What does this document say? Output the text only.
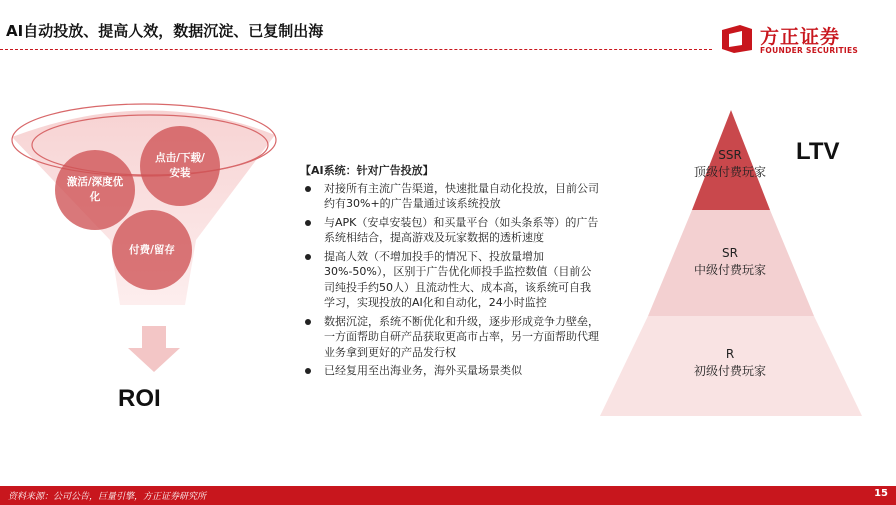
AI自动投放、提高人效，数据沉淀、已复制出海	方正证券
FOUNDER SECURITIES
激活/深度优化
点击/下载/安装
付费/留存
ROI
【AI系统：针对广告投放】
对接所有主流广告渠道，快速批量自动化投放，目前公司约有30%+的广告量通过该系统投放
与APK（安卓安装包）和买量平台（如头条系等）的广告系统相结合，提高游戏及玩家数据的透析速度
提高人效（不增加投手的情况下、投放量增加30%-50%），区别于广告优化师投手监控数值（目前公司纯投手约50人）且流动性大、成本高，该系统可自我学习，实现投放的AI化和自动化，24小时监控
数据沉淀，系统不断优化和升级，逐步形成竞争力壁垒，一方面帮助自研产品获取更高市占率，另一方面帮助代理业务拿到更好的产品发行权
已经复用至出海业务，海外买量场景类似
LTV
SSR
顶级付费玩家
SR
中级付费玩家
R
初级付费玩家
资料来源：公司公告，巨量引擎，方正证券研究所	15
